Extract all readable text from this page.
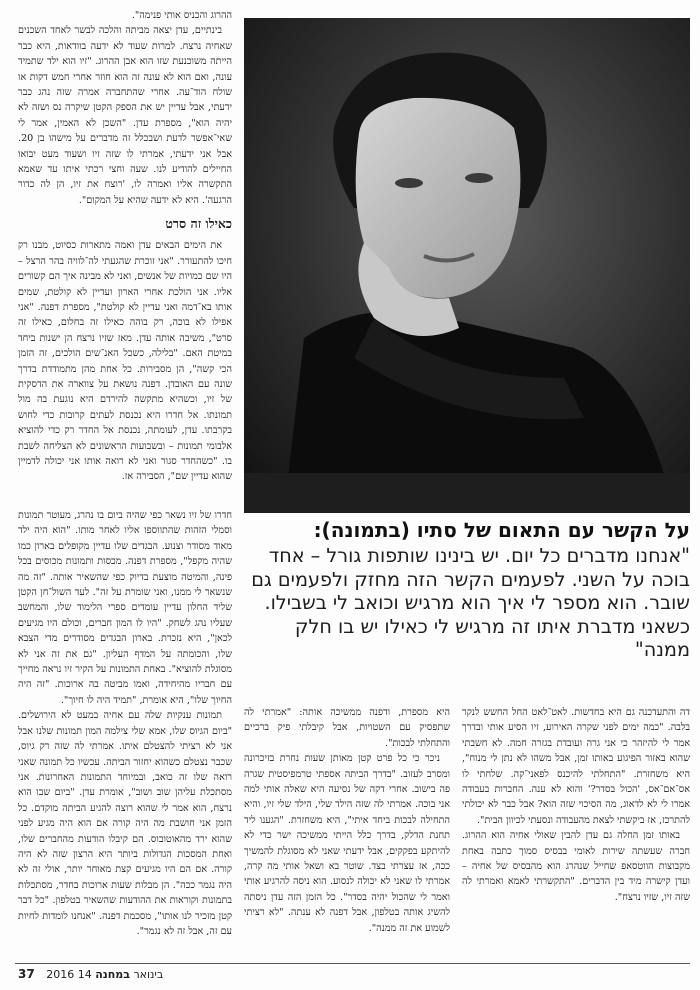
ההרוג והכניס אותי פנימה".

בינתיים, עדן יצאה מביתה והלכה לבשר לאחד השכנים שאחיה נרצח. למרות שעוד לא ידעה בוודאות, היא כבר הייתה משוכנעת שזו הוא אבן ההרוג. "זיו הוא ילד שתמיד עונה, ואם הוא לא עונה זה הוא חוזר אחרי חמש דקות או שולח הוד־עה. אחרי שהתחברה אמרה שזה נהג כבר ידעתי, אבל עדיין יש את הספק הקטן שיקרה נס ושזה לא יהיה הוא", מספרת עדן. "השכן לא האמין, אמר לי שאי־אפשר לדעת ושבכלל זה מדברים על מישהו בן 20. אבל אני ידעתי, אמרתי לו שזה זיו ושעוד מעט יבואו החיילים להודיע לנו. שעה וחצי רכתי איתו עד שאמא התקשרה אליו ואמרה לו, 'רוצח את זיו, הן לה כדור הרגעה'. היא לא ידעה שהיא על המקום".

כאילו זה סרט

את הימים הבאים עדן ואמה מתארות כסיוט, מבנו רק חיכו להתעורר. "אני זוכרת שהגעתי לה־לוויה בהר הרצל – היו שם כמויות של אנשים, ואני לא מבינה איך הם קשורים אליו. אני הולכת אחרי הארון ועדיין לא קולטת, שמים אותו בא־דמה ואני עדיין לא קולטת", מספרת דפנה. "אני אפילו לא בוכה, רק בוהה כאילו זה בחלום, כאילו זה סרט", משיבה אותה עדן. מאז שזיו נרצח הן ישנות ביחד במיטת האם. "בלילה, כשכל האנ־שים הולכים, זה הזמן הכי קשה", הן מסבירות. כל אחת מהן מתמודדת בדרך שונה עם האובדן. דפנה נושאת על צווארה את הדסקית של זיו, וכשהיא מתקשה להירדם היא נוגעת בה מול תמונתו. אל חדרו היא נכנסת לעתים קרובות כדי לחוש בקרבתו. עדן, לעומתה, נכנסת אל החדר רק כדי להוציא אלבומי תמונות – ובשבועות הראשונים לא הצליחה לשבת בו. "כשהחדר סגור ואני לא רואה אותו אני יכולה לדמיין שהוא עדיין שם", הסבירה אז.

חדרו של זיו נשאר כפי שהיה ביום בו נהרג, מעוטר תמונות וסמלי הזהות שהתווספו אליו לאחר מותו. "הוא היה ילד מאוד מסודר וצנוע. הבגדים שלו עדיין מקופלים בארון כמו שהיה מקפל", מספרת דפנה. מכסות ותמונות מכוסים בכל פינה, והמיטה מוצעת בדיוק כפי שהשאיר אותה. "זה מה שנשאר לי ממנו, ואני שומרת על זה". לעד השול־חן הקטן שליד החלון עדיין עומדים ספרי הלימוד שלו, והמחשב שעליו נהג לשחק. "היו לו המון חברים, וכולם היו מגיעים לכאן", היא נזכרת. בארון הבגדים מסודרים מדי הצבא שלו, והכומתה על המדף העליון. "גם את זה אני לא מסוגלת להוציא". באחת התמונות על הקיר זיו נראה מחייך עם חבריו מהיחידה, ואמו מביטה בה ארוכות. "זה היה החיוך שלו", היא אומרת, "תמיד היה לו חיוך".

תמונות ענקיות שלה עם אחיה במעט לא הירושלים. "ביום הגיוס שלו, אמא שלי צילמה המון תמונות שלנו אבל אני לא רציתי להצטלם איתו. אמרתי לה שזה רק גיוס, שכבר נצטלם כשהוא יחזור הביתה. עכשיו כל תמונה שאני רואה שלו זה כואב, ובמיוחד התמונות האחרונות. אני מסתכלת עליהן שוב ושוב", אומרת עדן. "ביום שבו הוא נרצח, הוא אמר לי שהוא רוצה להגיע הביתה מוקדם. כל הזמן אני חושבת מה היה קורה אם הוא היה מגיע לפני שהוא ירד מהאוטובוס. הם קיבלו הודעות מהחברים שלו, ואחת המסכות הגדולות ביותר היא הרצון שזה לא היה קורה. אם הם היו מגיעים קצת מאוחר יותר, אולי זה לא היה נגמר ככה". הן מבלות שעות ארוכות בחדר, מסתכלות בתמונות וקוראות את ההודעות שהשאיר בטלפון. "כל דבר קטן מזכיר לנו אותו", מסכמת דפנה. "אנחנו לומדות לחיות עם זה, אבל זה לא נגמר".

על הקשר עם התאום של סתיו (בתמונה):
"אנחנו מדברים כל יום. יש בינינו שותפות גורל – אחד בוכה על השני. לפעמים הקשר הזה מחזק ולפעמים גם שובר. הוא מספר לי איך הוא מרגיש וכואב לי בשבילו. כשאני מדברת איתו זה מרגיש לי כאילו יש בו חלק ממנה"

היא מספרת, ודפנה ממשיכה אותה: "אמרתי לה שתפסיק עם השטויות, אבל קיבלתי פיק ברכיים והתחלתי לבכות".

ניכר כי כל פרט קטן מאותן שעות נחרת בזיכרונה ומסרב לעזוב. "בדרך הביתה אספתי טרמפיסטית שגרה פה בישוב. אחרי דקה של נסיעה היא שאלה אותי למה אני בוכה. אמרתי לה שזה הילד שלי, הילד שלי זיו, והיא התחילה לבכות ביחד איתי", היא משחזרת. "הגענו ליד תחנת הדלק, בדרך כלל הייתי ממשיכה ישר כדי לא להיתקע בפקקים, אבל ידעתי שאני לא מסוגלת להמשיך ככה, אז עצרתי בצד. שוטר בא ושאל אותי מה קרה, אמרתי לו שאני לא יכולה לנסוע. הוא ניסה להרגיע אותי ואמר לי שהכול יהיה בסדר". כל הזמן הזה עדן ניסתה להשיג אותה בטלפון, אבל דפנה לא ענתה. "לא רציתי לשמוע את זה ממנה".

דה והתעדכנה גם היא בחדשות. לאט־לאט החל החשש לנקר בלבה. "כמה ימים לפני שקרה האירוע, זיו הסיע אותי ובדרך אמר לי להיזהר כי אני גרה ועובדת בגזרה חמה. לא חשבתי שהוא באזור הפיגוע באותו זמן, אבל משהו לא נתן לי מנוח", היא משחזרת. "התחלתי להיכנס לפאני־קה. שלחתי לו אס־אם־אס, 'הכול בסדר?' והוא לא ענה. החברות בעבודה אמרו לי לא לדאוג, מה הסיכוי שזה הוא? אבל כבר לא יכולתי להתרכז, אז ביקשתי לצאת מהעבודה ונסעתי לכיוון הבית".

באותו זמן החלה גם עדן להבין שאולי אחיה הוא ההרוג. חברה שעשתה שירות לאומי בבסיס סמוך כתבה באחת מקבוצות הווטסאפ שחייל שנהרג הוא מהבסיס של אחיה – ועדן קישרה מיד בין הדברים. "התקשרתי לאמא ואמרתי לה שזה זיו, שזיו נרצח".

37 2016 14 בינואר במחנה
